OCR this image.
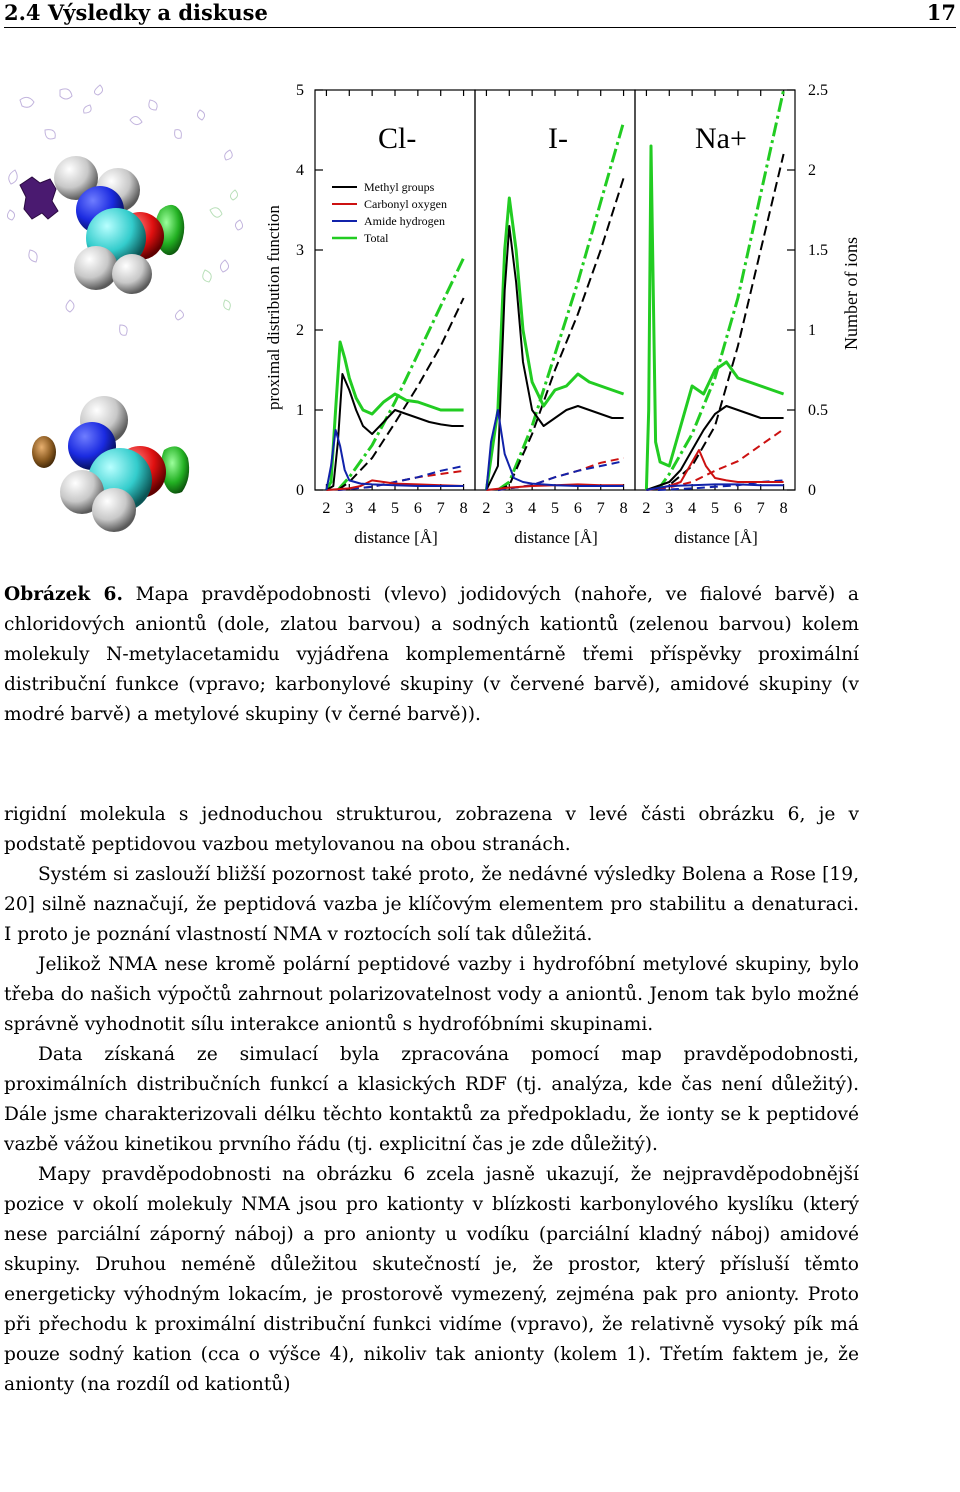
2.4 Výsledky a diskuse	17
2 3 4 5 6 7 8 2 3 4 5 6 7 8 2 3 4 5 6 7 8
0
1
2
3
4
5
0
0.5
1
1.5
2
2.5
Cl-	I-	Na+
proximal distribution function	Number of ions
distance [Å]	distance [Å]	distance [Å]
Methyl groups
Carbonyl oxygen
Amide hydrogen
Total
Obrázek 6. Mapa pravděpodobnosti (vlevo) jodidových (nahoře, ve fialové barvě) a chloridových aniontů (dole, zlatou barvou) a sodných kationtů (zelenou barvou) kolem molekuly N-metylacetamidu vyjádřena komplementárně třemi příspěvky proximální distribuční funkce (vpravo; karbonylové skupiny (v červené barvě), amidové skupiny (v modré barvě) a metylové skupiny (v černé barvě)).

rigidní molekula s jednoduchou strukturou, zobrazena v levé části obrázku 6, je v podstatě peptidovou vazbou metylovanou na obou stranách.

Systém si zaslouží bližší pozornost také proto, že nedávné výsledky Bolena a Rose [19, 20] silně naznačují, že peptidová vazba je klíčovým elementem pro stabilitu a denaturaci. I proto je poznání vlastností NMA v roztocích solí tak důležitá.

Jelikož NMA nese kromě polární peptidové vazby i hydrofóbní metylové skupiny, bylo třeba do našich výpočtů zahrnout polarizovatelnost vody a aniontů. Jenom tak bylo možné správně vyhodnotit sílu interakce aniontů s hydrofóbními skupinami.

Data získaná ze simulací byla zpracována pomocí map pravděpodobnosti, proximálních distribučních funkcí a klasických RDF (tj. analýza, kde čas není důležitý). Dále jsme charakterizovali délku těchto kontaktů za předpokladu, že ionty se k peptidové vazbě vážou kinetikou prvního řádu (tj. explicitní čas je zde důležitý).

Mapy pravděpodobnosti na obrázku 6 zcela jasně ukazují, že nejpravděpodobnější pozice v okolí molekuly NMA jsou pro kationty v blízkosti karbonylového kyslíku (který nese parciální záporný náboj) a pro anionty u vodíku (parciální kladný náboj) amidové skupiny. Druhou neméně důležitou skutečností je, že prostor, který přísluší těmto energeticky výhodným lokacím, je prostorově vymezený, zejména pak pro anionty. Proto při přechodu k proximální distribuční funkci vidíme (vpravo), že relativně vysoký pík má pouze sodný kation (cca o výšce 4), nikoliv tak anionty (kolem 1). Třetím faktem je, že anionty (na rozdíl od kationtů)
